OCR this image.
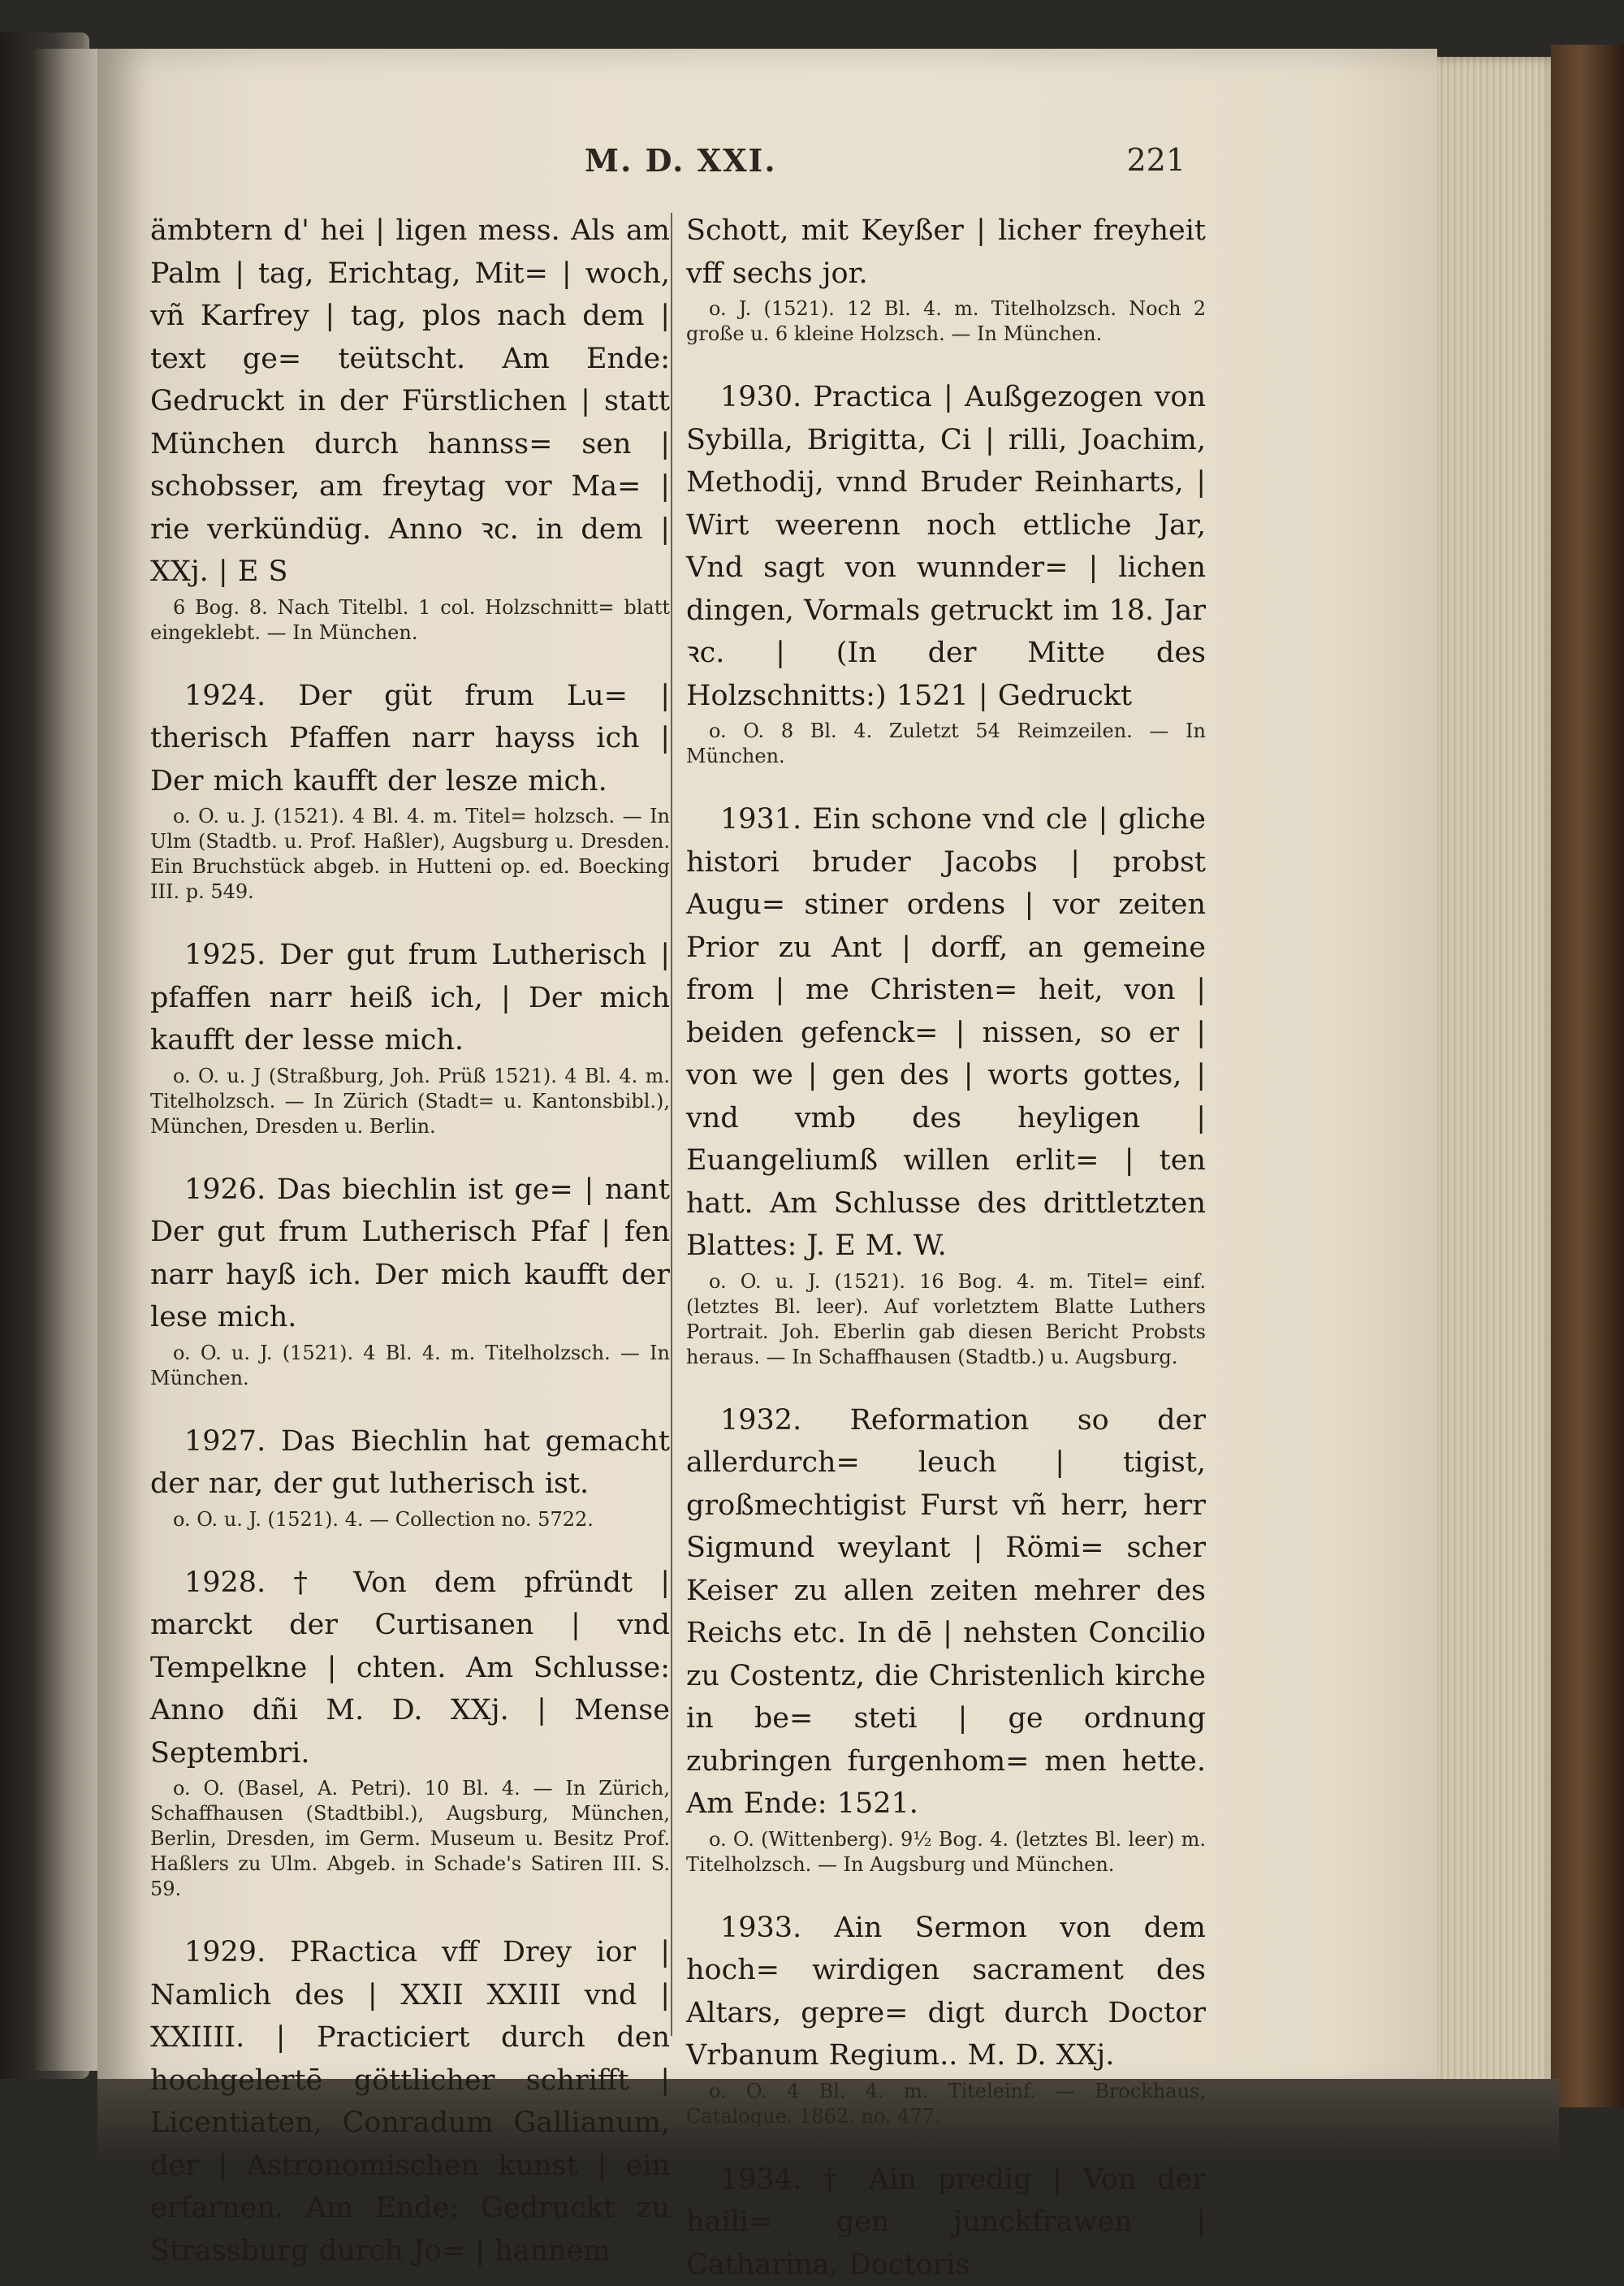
M. D. XXI.	221

ämbtern d' hei | ligen mess. Als am Palm | tag, Erichtag, Mit= | woch, vñ Karfrey | tag, plos nach dem | text ge= teütscht. Am Ende: Gedruckt in der Fürstlichen | statt München durch hannss= sen | schobsser, am freytag vor Ma= | rie verkündüg. Anno ꝛc. in dem | XXj. | E S

6 Bog. 8. Nach Titelbl. 1 col. Holzschnitt= blatt eingeklebt. — In München.

1924. Der güt frum Lu= | therisch Pfaffen narr hayss ich | Der mich kaufft der lesze mich.

o. O. u. J. (1521). 4 Bl. 4. m. Titel= holzsch. — In Ulm (Stadtb. u. Prof. Haßler), Augsburg u. Dresden. Ein Bruchstück abgeb. in Hutteni op. ed. Boecking III. p. 549.

1925. Der gut frum Lutherisch | pfaffen narr heiß ich, | Der mich kaufft der lesse mich.

o. O. u. J (Straßburg, Joh. Prüß 1521). 4 Bl. 4. m. Titelholzsch. — In Zürich (Stadt= u. Kantonsbibl.), München, Dresden u. Berlin.

1926. Das biechlin ist ge= | nant Der gut frum Lutherisch Pfaf | fen narr hayß ich. Der mich kaufft der lese mich.

o. O. u. J. (1521). 4 Bl. 4. m. Titelholzsch. — In München.

1927. Das Biechlin hat gemacht der nar, der gut lutherisch ist.

o. O. u. J. (1521). 4. — Collection no. 5722.

1928. † Von dem pfründt | marckt der Curtisanen | vnd Tempelkne | chten. Am Schlusse: Anno dñi M. D. XXj. | Mense Septembri.

o. O. (Basel, A. Petri). 10 Bl. 4. — In Zürich, Schaffhausen (Stadtbibl.), Augsburg, München, Berlin, Dresden, im Germ. Museum u. Besitz Prof. Haßlers zu Ulm. Abgeb. in Schade's Satiren III. S. 59.

1929. PRactica vff Drey ior | Namlich des | XXII XXIII vnd | XXIIII. | Practiciert durch den hochgelertē göttlicher schrifft | Licentiaten, Conradum Gallianum, der | Astronomischen kunst | ein erfarnen. Am Ende: Gedruckt zu Strassburg durch Jo= | hannem

Schott, mit Keyßer | licher freyheit vff sechs jor.

o. J. (1521). 12 Bl. 4. m. Titelholzsch. Noch 2 große u. 6 kleine Holzsch. — In München.

1930. Practica | Außgezogen von Sybilla, Brigitta, Ci | rilli, Joachim, Methodij, vnnd Bruder Reinharts, | Wirt weerenn noch ettliche Jar, Vnd sagt von wunnder= | lichen dingen, Vormals getruckt im 18. Jar ꝛc. | (In der Mitte des Holzschnitts:) 1521 | Gedruckt

o. O. 8 Bl. 4. Zuletzt 54 Reimzeilen. — In München.

1931. Ein schone vnd cle | gliche histori bruder Jacobs | probst Augu= stiner ordens | vor zeiten Prior zu Ant | dorff, an gemeine from | me Christen= heit, von | beiden gefenck= | nissen, so er | von we | gen des | worts gottes, | vnd vmb des heyligen | Euangeliumß willen erlit= | ten hatt. Am Schlusse des drittletzten Blattes: J. E M. W.

o. O. u. J. (1521). 16 Bog. 4. m. Titel= einf. (letztes Bl. leer). Auf vorletztem Blatte Luthers Portrait. Joh. Eberlin gab diesen Bericht Probsts heraus. — In Schaffhausen (Stadtb.) u. Augsburg.

1932. Reformation so der allerdurch= leuch | tigist, großmechtigist Furst vñ herr, herr Sigmund weylant | Römi= scher Keiser zu allen zeiten mehrer des Reichs etc. In dē | nehsten Concilio zu Costentz, die Christenlich kirche in be= steti | ge ordnung zubringen furgenhom= men hette. Am Ende: 1521.

o. O. (Wittenberg). 9½ Bog. 4. (letztes Bl. leer) m. Titelholzsch. — In Augsburg und München.

1933. Ain Sermon von dem hoch= wirdigen sacrament des Altars, gepre= digt durch Doctor Vrbanum Regium.. M. D. XXj.

o. O. 4 Bl. 4. m. Titeleinf. — Brockhaus, Catalogue. 1862. no. 477.

1934. † Ain predig | Von der haili= gen junckfrawen | Catharina, Doctoris
